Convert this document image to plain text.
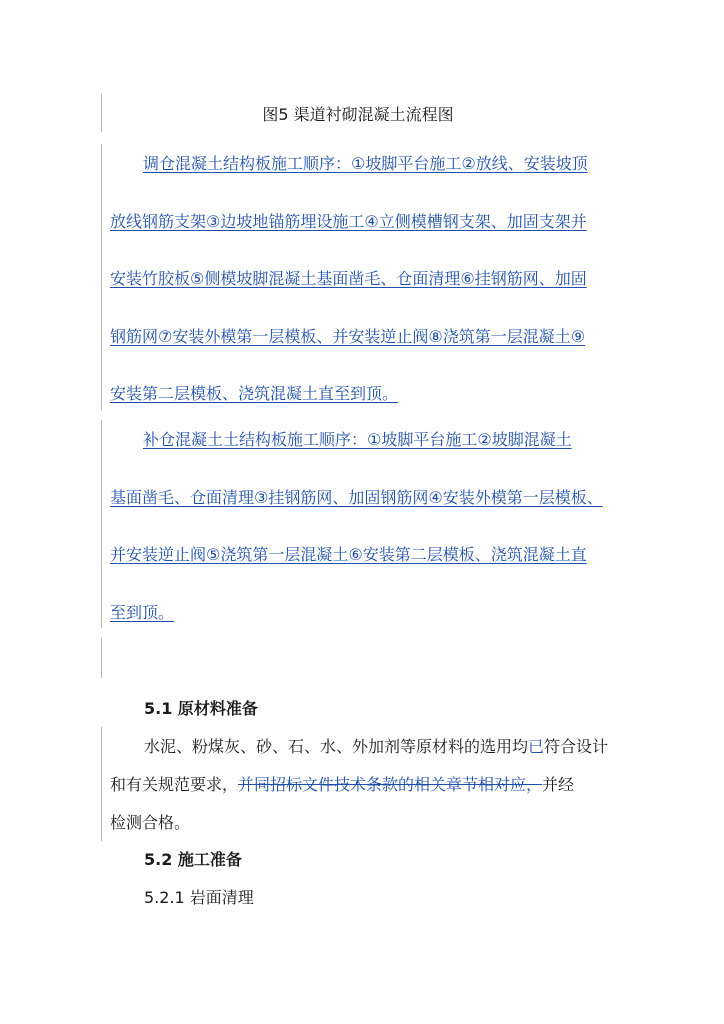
图5 渠道衬砌混凝土流程图
调仓混凝土结构板施工顺序：①坡脚平台施工②放线、安装坡顶
放线钢筋支架③边坡地锚筋埋设施工④立侧模槽钢支架、加固支架并
安装竹胶板⑤侧模坡脚混凝土基面凿毛、仓面清理⑥挂钢筋网、加固
钢筋网⑦安装外模第一层模板、并安装逆止阀⑧浇筑第一层混凝土⑨
安装第二层模板、浇筑混凝土直至到顶。
补仓混凝土土结构板施工顺序：①坡脚平台施工②坡脚混凝土
基面凿毛、仓面清理③挂钢筋网、加固钢筋网④安装外模第一层模板、
并安装逆止阀⑤浇筑第一层混凝土⑥安装第二层模板、浇筑混凝土直
至到顶。
5.1 原材料准备
水泥、粉煤灰、砂、石、水、外加剂等原材料的选用均已符合设计
和有关规范要求，并同招标文件技术条款的相关章节相对应，并经
检测合格。
5.2 施工准备
5.2.1 岩面清理
